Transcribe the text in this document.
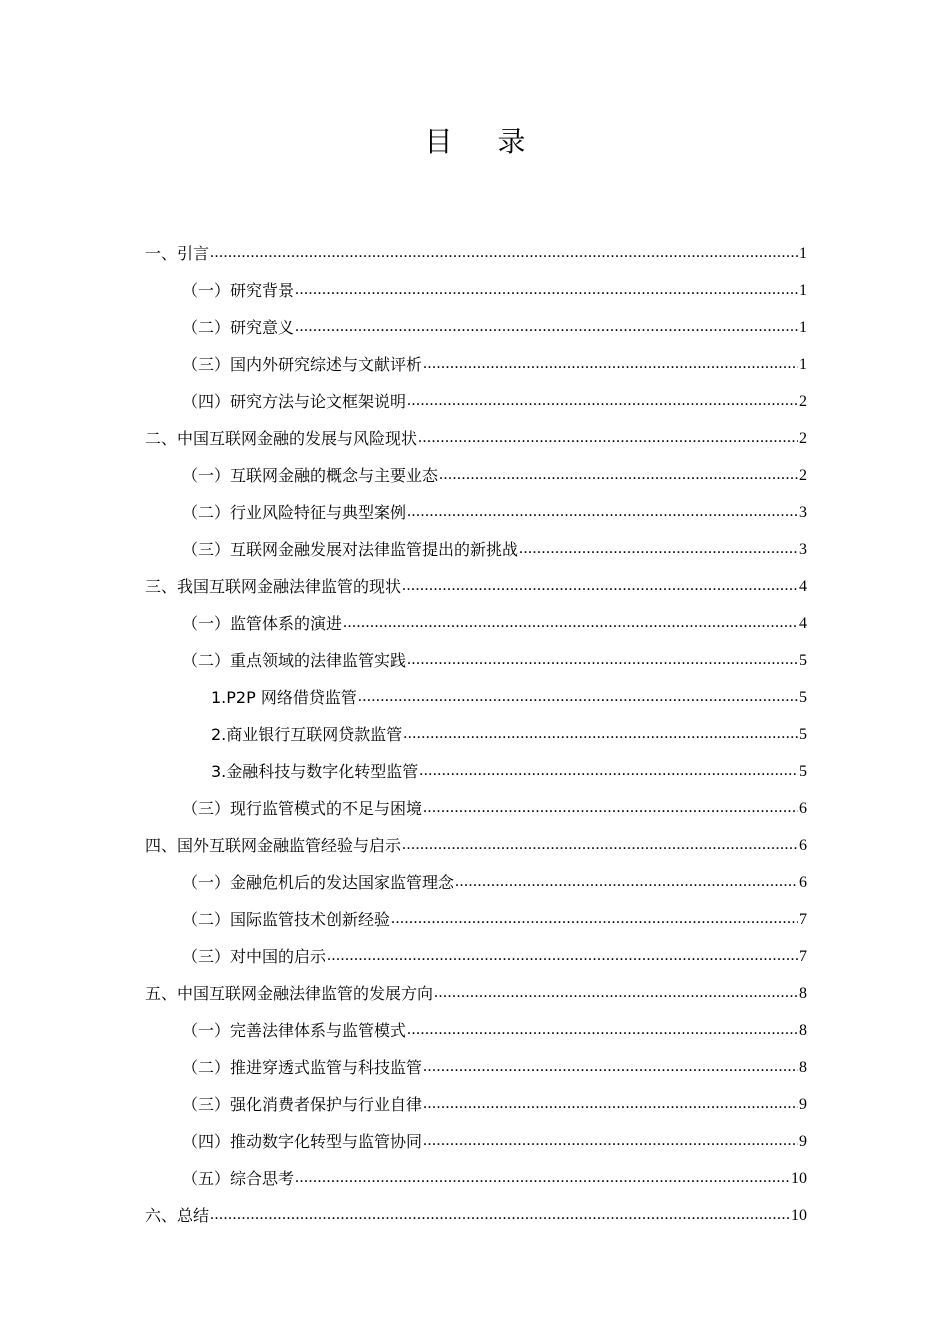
目 录
一、引言 .....	1
（一）研究背景 .....	1
（二）研究意义 .....	1
（三）国内外研究综述与文献评析 .....	1
（四）研究方法与论文框架说明 .....	2
二、中国互联网金融的发展与风险现状 .....	2
（一）互联网金融的概念与主要业态 .....	2
（二）行业风险特征与典型案例 .....	3
（三）互联网金融发展对法律监管提出的新挑战 .....	3
三、我国互联网金融法律监管的现状 .....	4
（一）监管体系的演进 .....	4
（二）重点领域的法律监管实践 .....	5
1.P2P 网络借贷监管 .....	5
2.商业银行互联网贷款监管 .....	5
3.金融科技与数字化转型监管 .....	5
（三）现行监管模式的不足与困境 .....	6
四、国外互联网金融监管经验与启示 .....	6
（一）金融危机后的发达国家监管理念 .....	6
（二）国际监管技术创新经验 .....	7
（三）对中国的启示 .....	7
五、中国互联网金融法律监管的发展方向 .....	8
（一）完善法律体系与监管模式 .....	8
（二）推进穿透式监管与科技监管 .....	8
（三）强化消费者保护与行业自律 .....	9
（四）推动数字化转型与监管协同 .....	9
（五）综合思考 .....	10
六、总结 .....	10
